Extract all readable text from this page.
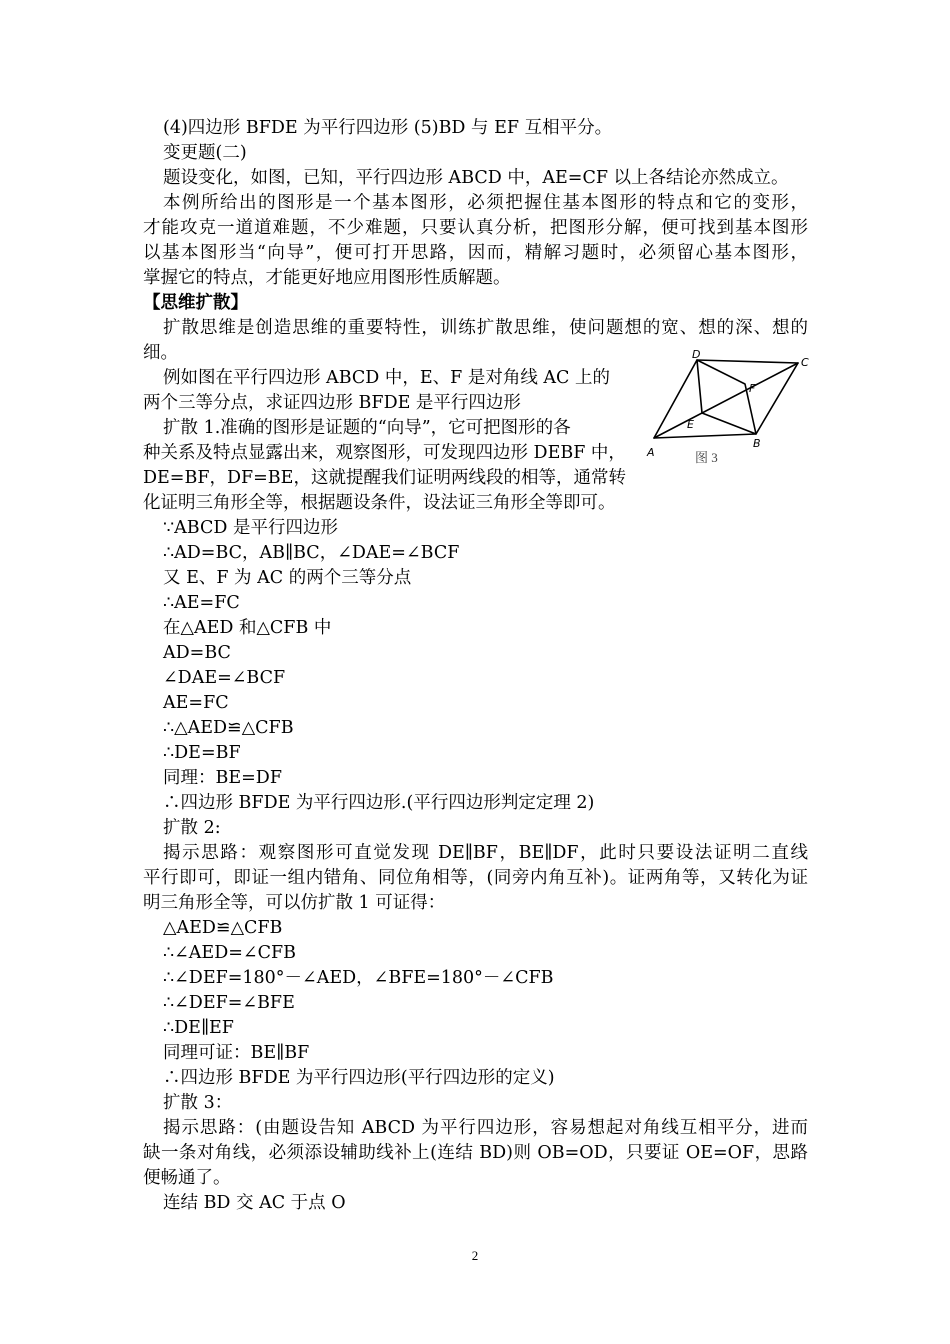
(4)四边形 BFDE 为平行四边形 (5)BD 与 EF 互相平分。
变更题(二)
题设变化，如图，已知，平行四边形 ABCD 中，AE=CF 以上各结论亦然成立。
本例所给出的图形是一个基本图形，必须把握住基本图形的特点和它的变形，
才能攻克一道道难题，不少难题，只要认真分析，把图形分解，便可找到基本图形
以基本图形当“向导”，便可打开思路，因而，精解习题时，必须留心基本图形，
掌握它的特点，才能更好地应用图形性质解题。
【思维扩散】
扩散思维是创造思维的重要特性，训练扩散思维，使问题想的宽、想的深、想的
细。
例如图在平行四边形 ABCD 中，E、F 是对角线 AC 上的
两个三等分点，求证四边形 BFDE 是平行四边形
扩散 1.准确的图形是证题的“向导”，它可把图形的各
种关系及特点显露出来，观察图形，可发现四边形 DEBF 中，
DE=BF，DF=BE，这就提醒我们证明两线段的相等，通常转
化证明三角形全等，根据题设条件，设法证三角形全等即可。
∵ABCD 是平行四边形
∴AD=BC，AB∥BC，∠DAE=∠BCF
又 E、F 为 AC 的两个三等分点
∴AE=FC
在△AED 和△CFB 中
AD=BC
∠DAE=∠BCF
AE=FC
∴△AED≌△CFB
∴DE=BF
同理：BE=DF
∴四边形 BFDE 为平行四边形.(平行四边形判定定理 2)
扩散 2:
揭示思路：观察图形可直觉发现 DE∥BF，BE∥DF，此时只要设法证明二直线
平行即可，即证一组内错角、同位角相等，(同旁内角互补)。证两角等，又转化为证
明三角形全等，可以仿扩散 1 可证得：
△AED≌△CFB
∴∠AED=∠CFB
∴∠DEF=180°－∠AED，∠BFE=180°－∠CFB
∴∠DEF=∠BFE
∴DE∥EF
同理可证：BE∥BF
∴四边形 BFDE 为平行四边形(平行四边形的定义)
扩散 3：
揭示思路：(由题设告知 ABCD 为平行四边形，容易想起对角线互相平分，进而
缺一条对角线，必须添设辅助线补上(连结 BD)则 OB=OD，只要证 OE=OF，思路
便畅通了。
连结 BD 交 AC 于点 O
A
B
C
D
E
F
图 3
2
